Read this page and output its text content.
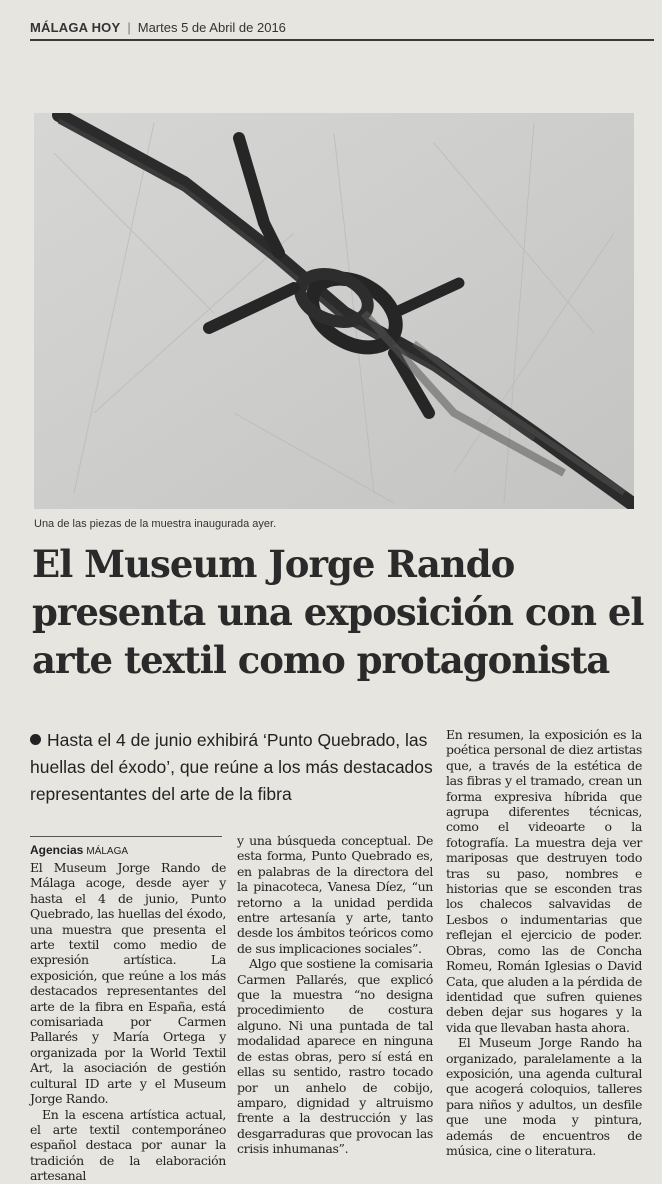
MÁLAGA HOY | Martes 5 de Abril de 2016
Una de las piezas de la muestra inaugurada ayer.
El Museum Jorge Rando
presenta una exposición con el
arte textil como protagonista
Hasta el 4 de junio exhibirá ‘Punto Quebrado, las huellas del éxodo’, que reúne a los más destacados representantes del arte de la fibra
Agencias MÁLAGA

El Museum Jorge Rando de Málaga acoge, desde ayer y hasta el 4 de junio, Punto Quebrado, las huellas del éxodo, una muestra que presenta el arte textil como medio de expresión artística. La exposición, que reúne a los más destacados representantes del arte de la fibra en España, está comisariada por Carmen Pallarés y María Ortega y organizada por la World Textil Art, la asociación de gestión cultural ID arte y el Museum Jorge Rando.

En la escena artística actual, el arte textil contemporáneo español destaca por aunar la tradición de la elaboración artesanal

y una búsqueda conceptual. De esta forma, Punto Quebrado es, en palabras de la directora del la pinacoteca, Vanesa Díez, “un retorno a la unidad perdida entre artesanía y arte, tanto desde los ámbitos teóricos como de sus implicaciones sociales”.

Algo que sostiene la comisaria Carmen Pallarés, que explicó que la muestra “no designa procedimiento de costura alguno. Ni una puntada de tal modalidad aparece en ninguna de estas obras, pero sí está en ellas su sentido, rastro tocado por un anhelo de cobijo, amparo, dignidad y altruismo frente a la destrucción y las desgarraduras que provocan las crisis inhumanas”.

En resumen, la exposición es la poética personal de diez artistas que, a través de la estética de las fibras y el tramado, crean un forma expresiva híbrida que agrupa diferentes técnicas, como el videoarte o la fotografía. La muestra deja ver mariposas que destruyen todo tras su paso, nombres e historias que se esconden tras los chalecos salvavidas de Lesbos o indumentarias que reflejan el ejercicio de poder. Obras, como las de Concha Romeu, Román Iglesias o David Cata, que aluden a la pérdida de identidad que sufren quienes deben dejar sus hogares y la vida que llevaban hasta ahora.

El Museum Jorge Rando ha organizado, paralelamente a la exposición, una agenda cultural que acogerá coloquios, talleres para niños y adultos, un desfile que une moda y pintura, además de encuentros de música, cine o literatura.
